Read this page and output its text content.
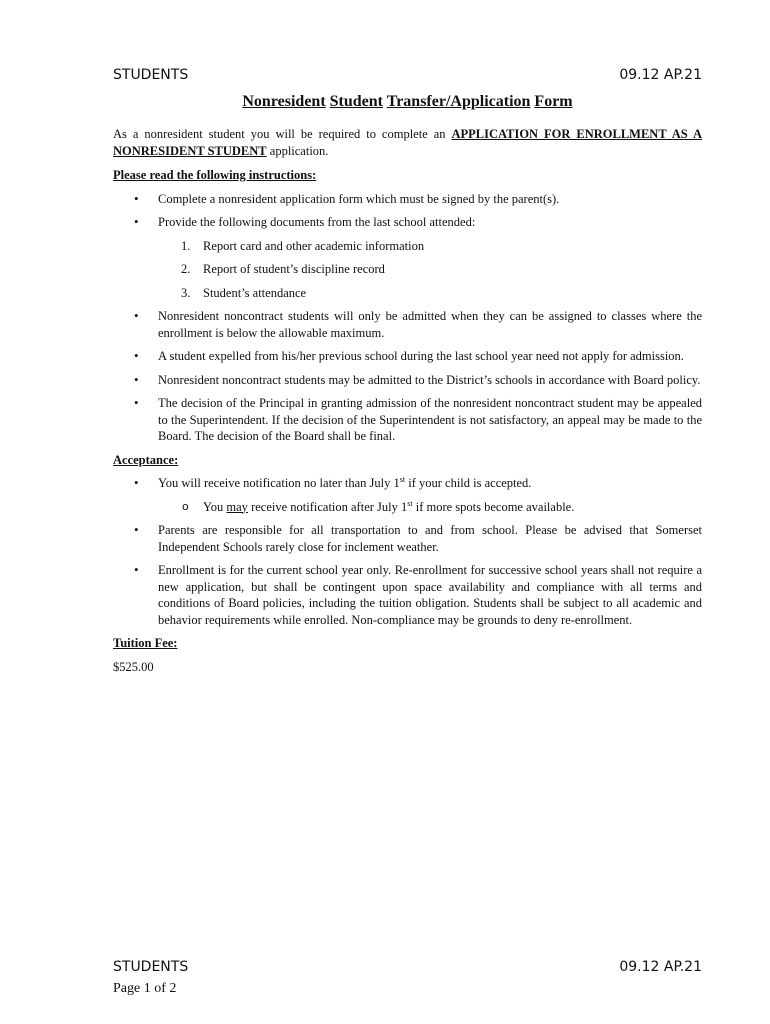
STUDENTS	09.12 AP.21
Nonresident Student Transfer/Application Form

As a nonresident student you will be required to complete an APPLICATION FOR ENROLLMENT AS A NONRESIDENT STUDENT application.

Please read the following instructions:
• Complete a nonresident application form which must be signed by the parent(s).
• Provide the following documents from the last school attended:
1. Report card and other academic information
2. Report of student’s discipline record
3. Student’s attendance
• Nonresident noncontract students will only be admitted when they can be assigned to classes where the enrollment is below the allowable maximum.
• A student expelled from his/her previous school during the last school year need not apply for admission.
• Nonresident noncontract students may be admitted to the District’s schools in accordance with Board policy.
• The decision of the Principal in granting admission of the nonresident noncontract student may be appealed to the Superintendent. If the decision of the Superintendent is not satisfactory, an appeal may be made to the Board. The decision of the Board shall be final.
Acceptance:
• You will receive notification no later than July 1st if your child is accepted.
o You may receive notification after July 1st if more spots become available.
• Parents are responsible for all transportation to and from school. Please be advised that Somerset Independent Schools rarely close for inclement weather.
• Enrollment is for the current school year only. Re-enrollment for successive school years shall not require a new application, but shall be contingent upon space availability and compliance with all terms and conditions of Board policies, including the tuition obligation. Students shall be subject to all academic and behavior requirements while enrolled. Non-compliance may be grounds to deny re-enrollment.
Tuition Fee:
$525.00
STUDENTS	09.12 AP.21
Page 1 of 2
